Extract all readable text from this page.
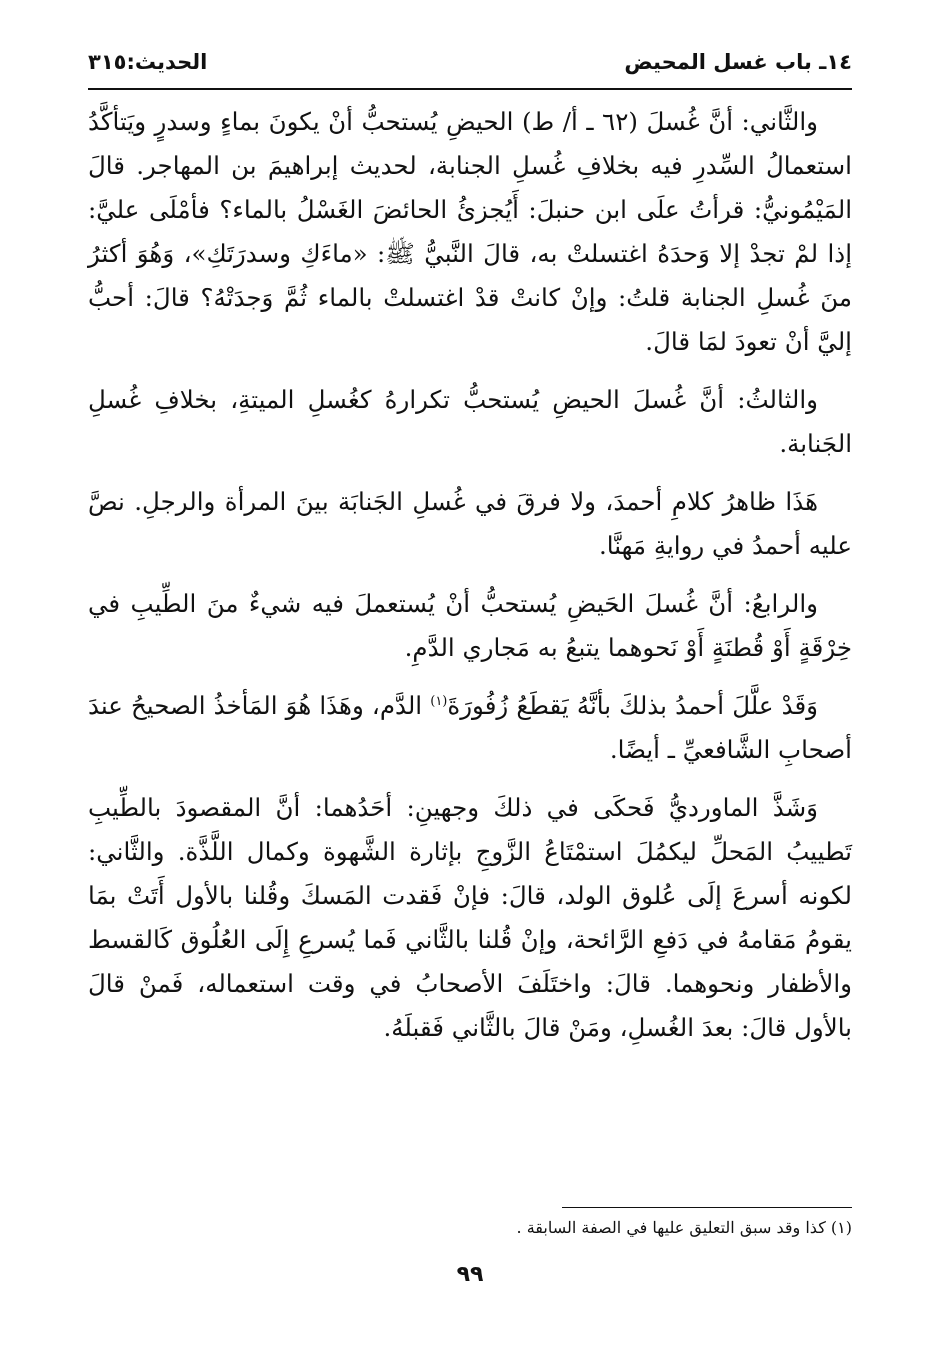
١٤ـ باب غسل المحيض
الحديث:٣١٥

والثَّاني: أنَّ غُسلَ (٦٢ ـ أ/ ط) الحيضِ يُستحبُّ أنْ يكونَ بماءٍ وسدرٍ ويَتأكَّدُ استعمالُ السِّدرِ فيه بخلافِ غُسلِ الجنابة، لحديث إبراهيمَ بن المهاجر. قالَ المَيْمُونيُّ: قرأتُ علَى ابن حنبلَ: أَيُجزئُ الحائضَ الغَسْلُ بالماء؟ فأمْلَى عليَّ: إذا لمْ تجدْ إلا وَحدَهُ اغتسلتْ به، قالَ النَّبيُّ ﷺ: «ماءَكِ وسدرَتَكِ»، وَهُوَ أكثرُ منَ غُسلِ الجنابة قلتُ: وإنْ كانتْ قدْ اغتسلتْ بالماء ثُمَّ وَجدَتْهُ؟ قالَ: أحبُّ إليَّ أنْ تعودَ لمَا قالَ.

والثالثُ: أنَّ غُسلَ الحيضِ يُستحبُّ تكرارهُ كغُسلِ الميتةِ، بخلافِ غُسلِ الجَنابة.

هَذَا ظاهرُ كلامِ أحمدَ، ولا فرقَ في غُسلِ الجَنابَة بينَ المرأة والرجلِ. نصَّ عليه أحمدُ في روايةِ مَهنَّا.

والرابعُ: أنَّ غُسلَ الحَيضِ يُستحبُّ أنْ يُستعملَ فيه شيءٌ منَ الطِّيبِ في خِرْقَةٍ أَوْ قُطنَةٍ أَوْ نَحوهما يتبعُ به مَجاري الدَّمِ.

وَقَدْ علَّلَ أحمدُ بذلكَ بأنَّهُ يَقطَعُ زُفُورَةَ$^{(١)}$ الدَّم، وهَذَا هُوَ المَأخذُ الصحيحُ عندَ أصحابِ الشَّافعيِّ ـ أيضًا.

وَشَذَّ الماورديُّ فَحكَى في ذلكَ وجهينِ: أحَدُهما: أنَّ المقصودَ بالطِّيبِ تَطييبُ المَحلِّ ليكمُلَ استمْتَاعُ الزَّوجِ بإثارة الشَّهوة وكمال اللَّذَّة. والثَّاني: لكونه أسرعَ إلَى عُلوق الولد، قالَ: فإنْ فَقدت المَسكَ وقُلنا بالأول أَتَتْ بمَا يقومُ مَقامهُ في دَفعِ الرَّائحة، وإنْ قُلنا بالثَّاني فَما يُسرعِ إِلَى العُلُوق كَالقسط والأظفار ونحوهما. قالَ: واختَلَفَ الأصحابُ في وقت استعماله، فَمنْ قالَ بالأول قالَ: بعدَ الغُسلِ، ومَنْ قالَ بالثَّاني فَقبلَهُ.

(١) كذا وقد سبق التعليق عليها في الصفة السابقة .
٩٩
